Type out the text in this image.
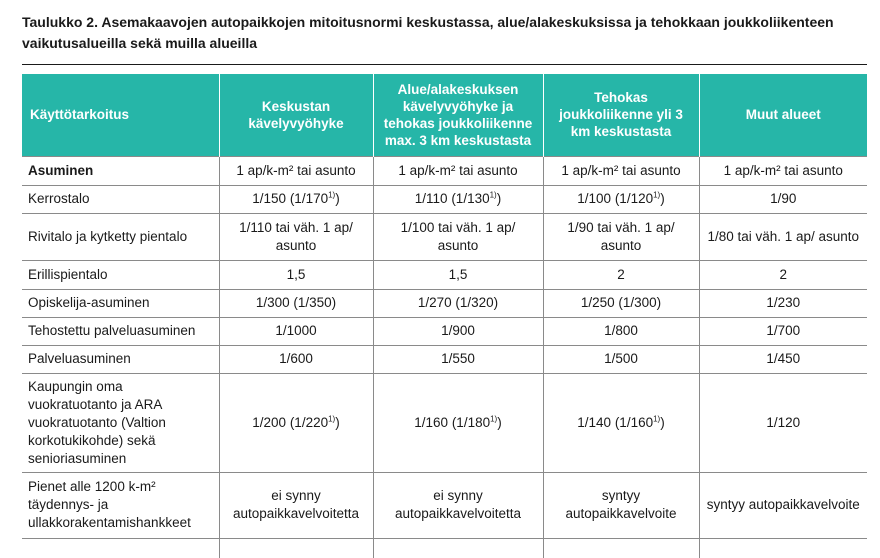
Taulukko 2. Asemakaavojen autopaikkojen mitoitusnormi keskustassa, alue/alakeskuksissa ja tehokkaan joukkoliikenteen vaikutusalueilla sekä muilla alueilla
Käyttötarkoitus	Keskustan kävelyvyöhyke	Alue/alakeskuksen kävelyvyöhyke ja tehokas joukkoliikenne max. 3 km keskustasta	Tehokas joukkoliikenne yli 3 km keskustasta	Muut alueet
Asuminen	1 ap/k-m² tai asunto	1 ap/k-m² tai asunto	1 ap/k-m² tai asunto	1 ap/k-m² tai asunto
Kerrostalo	1/150 (1/170$^{1)}$)	1/110 (1/130$^{1)}$)	1/100 (1/120$^{1)}$)	1/90
Rivitalo ja kytketty pientalo	1/110 tai väh. 1 ap/ asunto	1/100 tai väh. 1 ap/ asunto	1/90 tai väh. 1 ap/ asunto	1/80 tai väh. 1 ap/ asunto
Erillispientalo	1,5	1,5	2	2
Opiskelija-asuminen	1/300 (1/350)	1/270 (1/320)	1/250 (1/300)	1/230
Tehostettu palveluasuminen	1/1000	1/900	1/800	1/700
Palveluasuminen	1/600	1/550	1/500	1/450
Kaupungin oma vuokratuotanto ja ARA vuokratuotanto (Valtion korkotukikohde) sekä senioriasuminen	1/200 (1/220$^{1)}$)	1/160 (1/180$^{1)}$)	1/140 (1/160$^{1)}$)	1/120
Pienet alle 1200 k-m² täydennys- ja ullakkorakentamishankkeet	ei synny autopaikkavelvoitetta	ei synny autopaikkavelvoitetta	syntyy autopaikkavelvoite	syntyy autopaikkavelvoite
